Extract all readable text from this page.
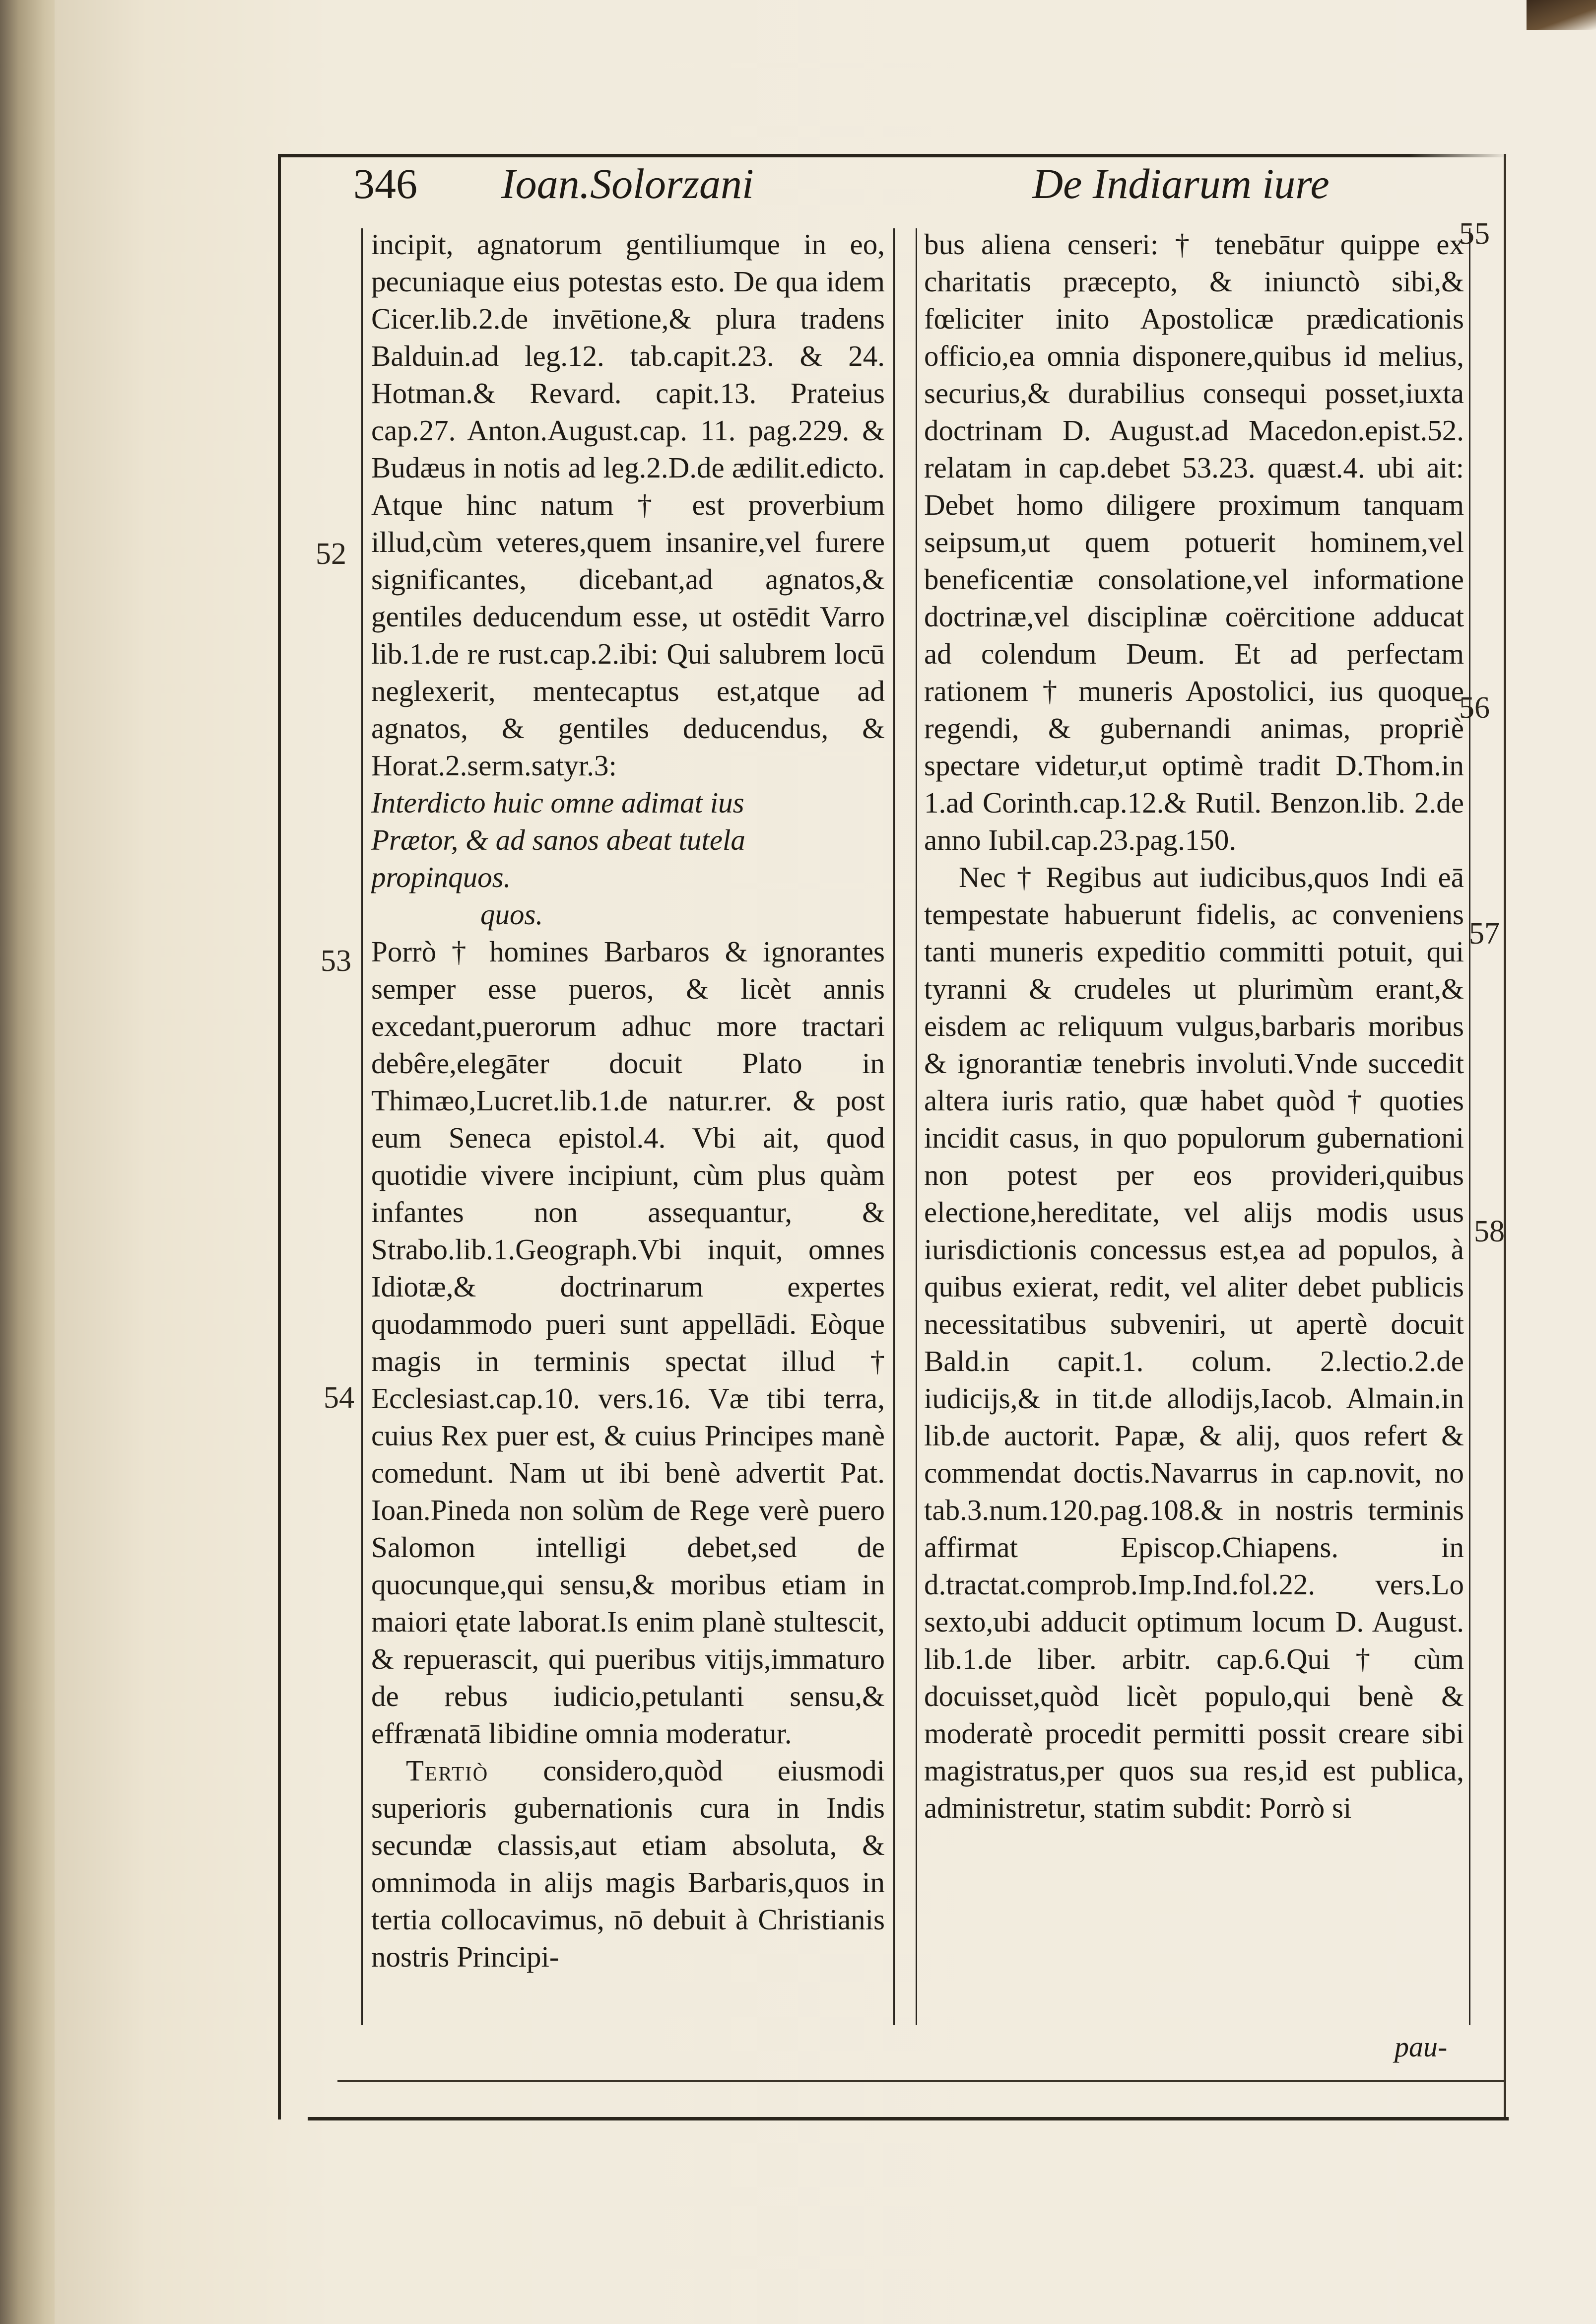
346 Ioan.Solorzani	De Indiarum iure
52
53
54
55
56
57
58

incipit, agnatorum gentiliumque in eo, pecuniaque eius potestas esto. De qua idem Cicer.lib.2.de invētione,& plura tradens Balduin.ad leg.12. tab.capit.23. & 24. Hotman.& Revard. capit.13. Prateius cap.27. Anton.August.cap. 11. pag.229. & Budæus in notis ad leg.2.D.de ædilit.edicto. Atque hinc natum † est proverbium illud,cùm veteres,quem insanire,vel furere significantes, dicebant,ad agnatos,& gentiles deducendum esse, ut ostēdit Varro lib.1.de re rust.cap.2.ibi: Qui salubrem locū neglexerit, mentecaptus est,atque ad agnatos, & gentiles deducendus, & Horat.2.serm.satyr.3:

Interdicto huic omne adimat ius

Prætor, & ad sanos abeat tutela propinquos.

quos.

Porrò † homines Barbaros & ignorantes semper esse pueros, & licèt annis excedant,puerorum adhuc more tractari debêre,elegāter docuit Plato in Thimæo,Lucret.lib.1.de natur.rer. & post eum Seneca epistol.4. Vbi ait, quod quotidie vivere incipiunt, cùm plus quàm infantes non assequantur, & Strabo.lib.1.Geograph.Vbi inquit, omnes Idiotæ,& doctrinarum expertes quodammodo pueri sunt appellādi. Eòque magis in terminis spectat illud † Ecclesiast.cap.10. vers.16. Væ tibi terra, cuius Rex puer est, & cuius Principes manè comedunt. Nam ut ibi benè advertit Pat. Ioan.Pineda non solùm de Rege verè puero Salomon intelligi debet,sed de quocunque,qui sensu,& moribus etiam in maiori ętate laborat.Is enim planè stultescit, & repuerascit, qui pueribus vitijs,immaturo de rebus iudicio,petulanti sensu,& effrænatā libidine omnia moderatur.

Tertiò considero,quòd eiusmodi superioris gubernationis cura in Indis secundæ classis,aut etiam absoluta, & omnimoda in alijs magis Barbaris,quos in tertia collocavimus, nō debuit à Christianis nostris Principi-

bus aliena censeri: † tenebātur quippe ex charitatis præcepto, & iniunctò sibi,& fœliciter inito Apostolicæ prædicationis officio,ea omnia disponere,quibus id melius, securius,& durabilius consequi posset,iuxta doctrinam D. August.ad Macedon.epist.52. relatam in cap.debet 53.23. quæst.4. ubi ait: Debet homo diligere proximum tanquam seipsum,ut quem potuerit hominem,vel beneficentiæ consolatione,vel informatione doctrinæ,vel disciplinæ coërcitione adducat ad colendum Deum. Et ad perfectam rationem † muneris Apostolici, ius quoque regendi, & gubernandi animas, propriè spectare videtur,ut optimè tradit D.Thom.in 1.ad Corinth.cap.12.& Rutil. Benzon.lib. 2.de anno Iubil.cap.23.pag.150.

Nec † Regibus aut iudicibus,quos Indi eā tempestate habuerunt fidelis, ac conveniens tanti muneris expeditio committi potuit, qui tyranni & crudeles ut plurimùm erant,& eisdem ac reliquum vulgus,barbaris moribus & ignorantiæ tenebris involuti.Vnde succedit altera iuris ratio, quæ habet quòd † quoties incidit casus, in quo populorum gubernationi non potest per eos provideri,quibus electione,hereditate, vel alijs modis usus iurisdictionis concessus est,ea ad populos, à quibus exierat, redit, vel aliter debet publicis necessitatibus subveniri, ut apertè docuit Bald.in capit.1. colum. 2.lectio.2.de iudicijs,& in tit.de allodijs,Iacob. Almain.in lib.de auctorit. Papæ, & alij, quos refert & commendat doctis.Navarrus in cap.novit, no tab.3.num.120.pag.108.& in nostris terminis affirmat Episcop.Chiapens. in d.tractat.comprob.Imp.Ind.fol.22. vers.Lo sexto,ubi adducit optimum locum D. August. lib.1.de liber. arbitr. cap.6.Qui † cùm docuisset,quòd licèt populo,qui benè & moderatè procedit permitti possit creare sibi magistratus,per quos sua res,id est publica, administretur, statim subdit: Porrò si

pau-
